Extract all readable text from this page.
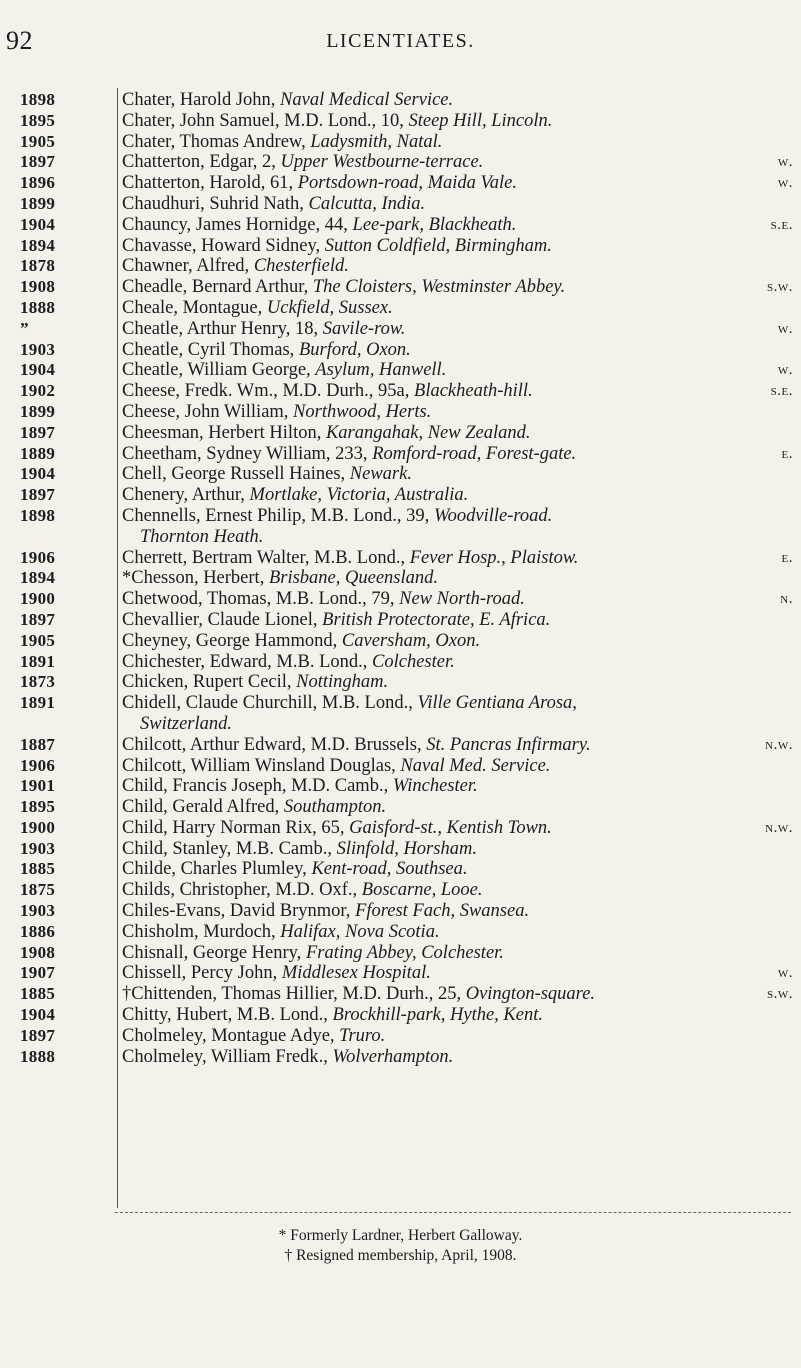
92	LICENTIATES.
1898	Chater, Harold John, Naval Medical Service.
1895	Chater, John Samuel, M.D. Lond., 10, Steep Hill, Lincoln.
1905	Chater, Thomas Andrew, Ladysmith, Natal.
1897	Chatterton, Edgar, 2, Upper Westbourne-terrace.	w.
1896	Chatterton, Harold, 61, Portsdown-road, Maida Vale.	w.
1899	Chaudhuri, Suhrid Nath, Calcutta, India.
1904	Chauncy, James Hornidge, 44, Lee-park, Blackheath.	s.e.
1894	Chavasse, Howard Sidney, Sutton Coldfield, Birmingham.
1878	Chawner, Alfred, Chesterfield.
1908	Cheadle, Bernard Arthur, The Cloisters, Westminster Abbey.	s.w.
1888	Cheale, Montague, Uckfield, Sussex.
”	Cheatle, Arthur Henry, 18, Savile-row.	w.
1903	Cheatle, Cyril Thomas, Burford, Oxon.
1904	Cheatle, William George, Asylum, Hanwell.	w.
1902	Cheese, Fredk. Wm., M.D. Durh., 95a, Blackheath-hill.	s.e.
1899	Cheese, John William, Northwood, Herts.
1897	Cheesman, Herbert Hilton, Karangahak, New Zealand.
1889	Cheetham, Sydney William, 233, Romford-road, Forest-gate.	e.
1904	Chell, George Russell Haines, Newark.
1897	Chenery, Arthur, Mortlake, Victoria, Australia.
1898	Chennells, Ernest Philip, M.B. Lond., 39, Woodville-road.
Thornton Heath.
1906	Cherrett, Bertram Walter, M.B. Lond., Fever Hosp., Plaistow.	e.
1894	*Chesson, Herbert, Brisbane, Queensland.
1900	Chetwood, Thomas, M.B. Lond., 79, New North-road.	n.
1897	Chevallier, Claude Lionel, British Protectorate, E. Africa.
1905	Cheyney, George Hammond, Caversham, Oxon.
1891	Chichester, Edward, M.B. Lond., Colchester.
1873	Chicken, Rupert Cecil, Nottingham.
1891	Chidell, Claude Churchill, M.B. Lond., Ville Gentiana Arosa,
Switzerland.
1887	Chilcott, Arthur Edward, M.D. Brussels, St. Pancras Infirmary.	n.w.
1906	Chilcott, William Winsland Douglas, Naval Med. Service.
1901	Child, Francis Joseph, M.D. Camb., Winchester.
1895	Child, Gerald Alfred, Southampton.
1900	Child, Harry Norman Rix, 65, Gaisford-st., Kentish Town.	n.w.
1903	Child, Stanley, M.B. Camb., Slinfold, Horsham.
1885	Childe, Charles Plumley, Kent-road, Southsea.
1875	Childs, Christopher, M.D. Oxf., Boscarne, Looe.
1903	Chiles-Evans, David Brynmor, Fforest Fach, Swansea.
1886	Chisholm, Murdoch, Halifax, Nova Scotia.
1908	Chisnall, George Henry, Frating Abbey, Colchester.
1907	Chissell, Percy John, Middlesex Hospital.	w.
1885	†Chittenden, Thomas Hillier, M.D. Durh., 25, Ovington-square.	s.w.
1904	Chitty, Hubert, M.B. Lond., Brockhill-park, Hythe, Kent.
1897	Cholmeley, Montague Adye, Truro.
1888	Cholmeley, William Fredk., Wolverhampton.
* Formerly Lardner, Herbert Galloway.
† Resigned membership, April, 1908.
